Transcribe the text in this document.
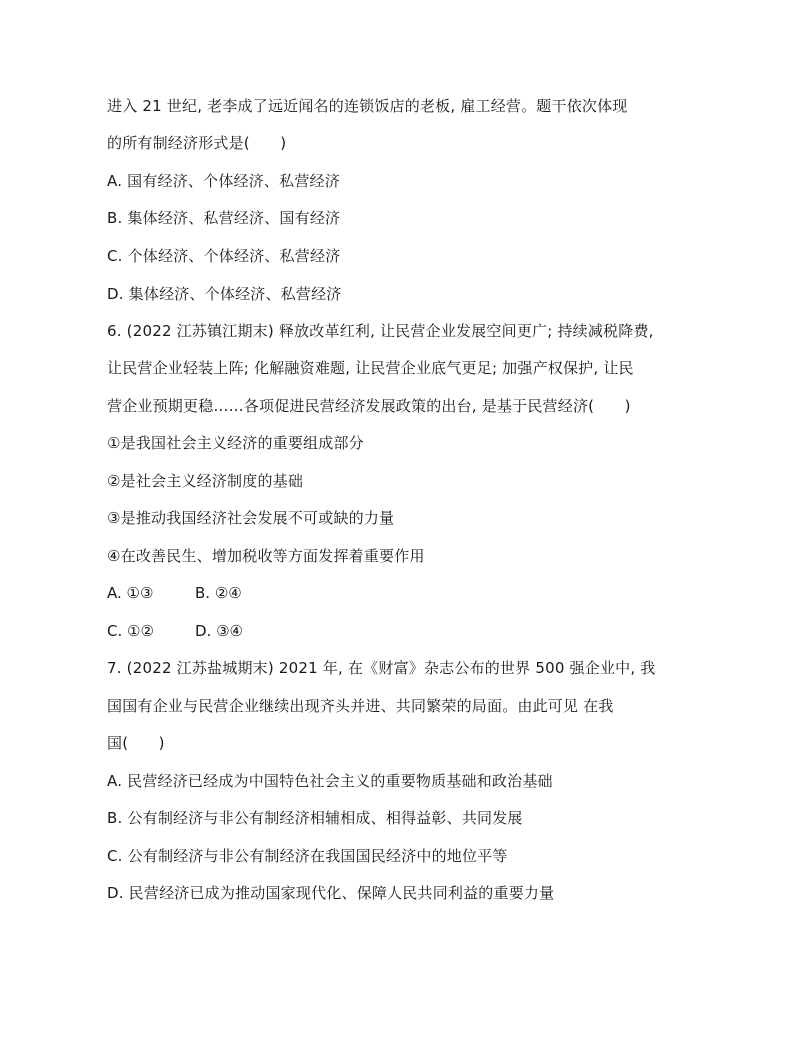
进入 21 世纪, 老李成了远近闻名的连锁饭店的老板, 雇工经营。题干依次体现
的所有制经济形式是(　　)
A. 国有经济、个体经济、私营经济
B. 集体经济、私营经济、国有经济
C. 个体经济、个体经济、私营经济
D. 集体经济、个体经济、私营经济
6. (2022 江苏镇江期末) 释放改革红利, 让民营企业发展空间更广; 持续减税降费,
让民营企业轻装上阵; 化解融资难题, 让民营企业底气更足; 加强产权保护, 让民
营企业预期更稳……各项促进民营经济发展政策的出台, 是基于民营经济(　　)
①是我国社会主义经济的重要组成部分
②是社会主义经济制度的基础
③是推动我国经济社会发展不可或缺的力量
④在改善民生、增加税收等方面发挥着重要作用
A. ①③	B. ②④
C. ①②	D. ③④
7. (2022 江苏盐城期末) 2021 年, 在《财富》杂志公布的世界 500 强企业中, 我
国国有企业与民营企业继续出现齐头并进、共同繁荣的局面。由此可见 在我
国(　　)
A. 民营经济已经成为中国特色社会主义的重要物质基础和政治基础
B. 公有制经济与非公有制经济相辅相成、相得益彰、共同发展
C. 公有制经济与非公有制经济在我国国民经济中的地位平等
D. 民营经济已成为推动国家现代化、保障人民共同利益的重要力量
